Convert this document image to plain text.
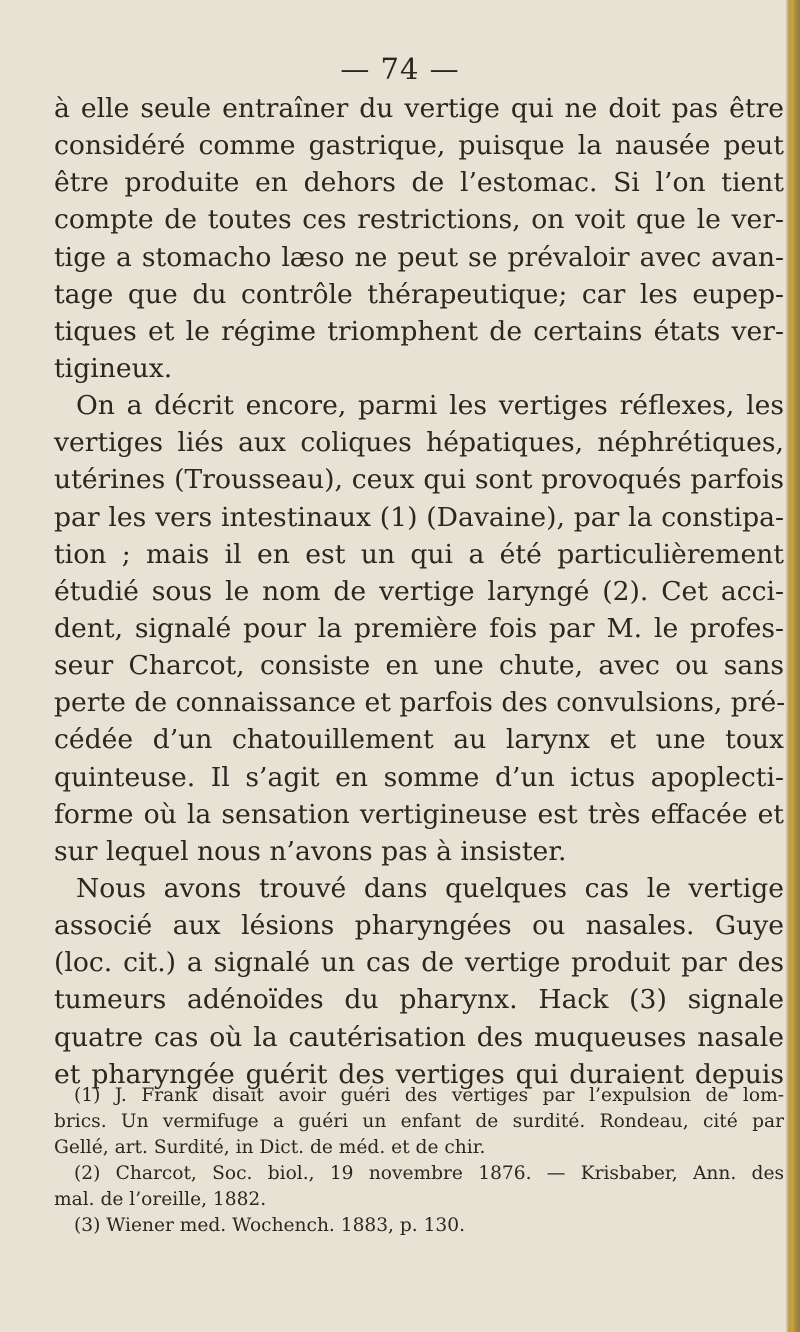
— 74 —
à elle seule entraîner du vertige qui ne doit pas être
considéré comme gastrique, puisque la nausée peut
être produite en dehors de l’estomac. Si l’on tient
compte de toutes ces restrictions, on voit que le ver-
tige a stomacho læso ne peut se prévaloir avec avan-
tage que du contrôle thérapeutique; car les eupep-
tiques et le régime triomphent de certains états ver-
tigineux.
On a décrit encore, parmi les vertiges réflexes, les
vertiges liés aux coliques hépatiques, néphrétiques,
utérines (Trousseau), ceux qui sont provoqués parfois
par les vers intestinaux (1) (Davaine), par la constipa-
tion ; mais il en est un qui a été particulièrement
étudié sous le nom de vertige laryngé (2). Cet acci-
dent, signalé pour la première fois par M. le profes-
seur Charcot, consiste en une chute, avec ou sans
perte de connaissance et parfois des convulsions, pré-
cédée d’un chatouillement au larynx et une toux
quinteuse. Il s’agit en somme d’un ictus apoplecti-
forme où la sensation vertigineuse est très effacée et
sur lequel nous n’avons pas à insister.
Nous avons trouvé dans quelques cas le vertige
associé aux lésions pharyngées ou nasales. Guye
(loc. cit.) a signalé un cas de vertige produit par des
tumeurs adénoïdes du pharynx. Hack (3) signale
quatre cas où la cautérisation des muqueuses nasale
et pharyngée guérit des vertiges qui duraient depuis
(1) J. Frank disait avoir guéri des vertiges par l’expulsion de lom-
brics. Un vermifuge a guéri un enfant de surdité. Rondeau, cité par
Gellé, art. Surdité, in Dict. de méd. et de chir.
(2) Charcot, Soc. biol., 19 novembre 1876. — Krisbaber, Ann. des
mal. de l’oreille, 1882.
(3) Wiener med. Wochench. 1883, p. 130.
